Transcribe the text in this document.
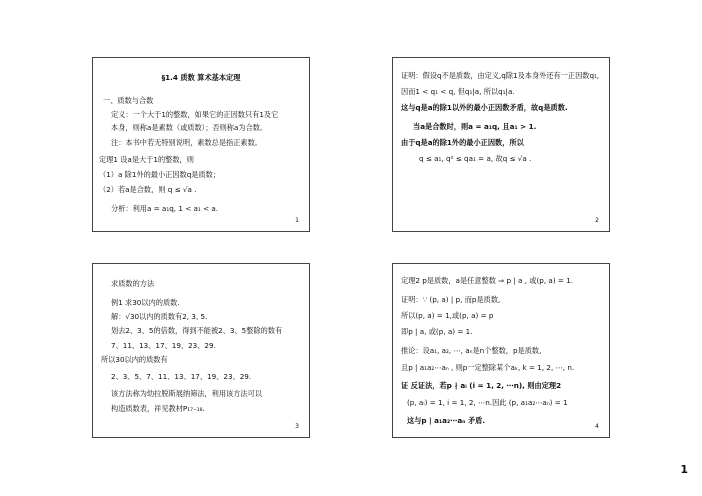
§1.4 质数 算术基本定理
一、质数与合数
定义：一个大于1的整数，如果它的正因数只有1及它
本身，则称a是素数（或质数）；否则称a为合数。
注：本书中若无特别说明，素数总是指正素数。
定理1 设a是大于1的整数，则
（1）a 除1外的最小正因数q是质数；
（2）若a是合数，则 q ≤ √a .
分析：利用a = a₁q, 1 < a₁ < a.
1
证明：假设q不是质数，由定义,q除1及本身外还有一正因数q₁,
因而1 < q₁ < q, 但q₁|a, 所以q₁|a.
这与q是a的除1以外的最小正因数矛盾，故q是质数.
当a是合数时，则a = a₁q, 且a₁ > 1.
由于q是a的除1外的最小正因数，所以
q ≤ a₁, q² ≤ qa₁ = a, 故q ≤ √a .
2
求质数的方法
例1 求30以内的质数.
解：√30以内的质数有2, 3, 5.
划去2、3、5的倍数，得到不能被2、3、5整除的数有
7、11、13、17、19、23、29.
所以30以内的质数有
2、3、5、7、11、13、17、19、23、29.
该方法称为幼拉脱斯展纳筛法，利用该方法可以
构造质数表，祥见教材P₁₇₋₁₈.
3
定理2 p是质数，a是任意整数 ⇒ p | a , 或(p, a) = 1.
证明：∵ (p, a) | p, 而p是质数,
所以(p, a) = 1,或(p, a) = p
即p | a, 或(p, a) = 1.
推论：设a₁, a₂, ⋯, aₙ是n个整数，p是质数,
且p | a₁a₂⋯aₙ , 则p一定整除某个aₖ, k = 1, 2, ⋯, n.
证 反证法，若p ∤ aᵢ (i = 1, 2, ⋯n), 则由定理2
(p, aᵢ) = 1, i = 1, 2, ⋯n.因此 (p, a₁a₂⋯aₙ) = 1
这与p | a₁a₂⋯aₙ 矛盾.
4
1
